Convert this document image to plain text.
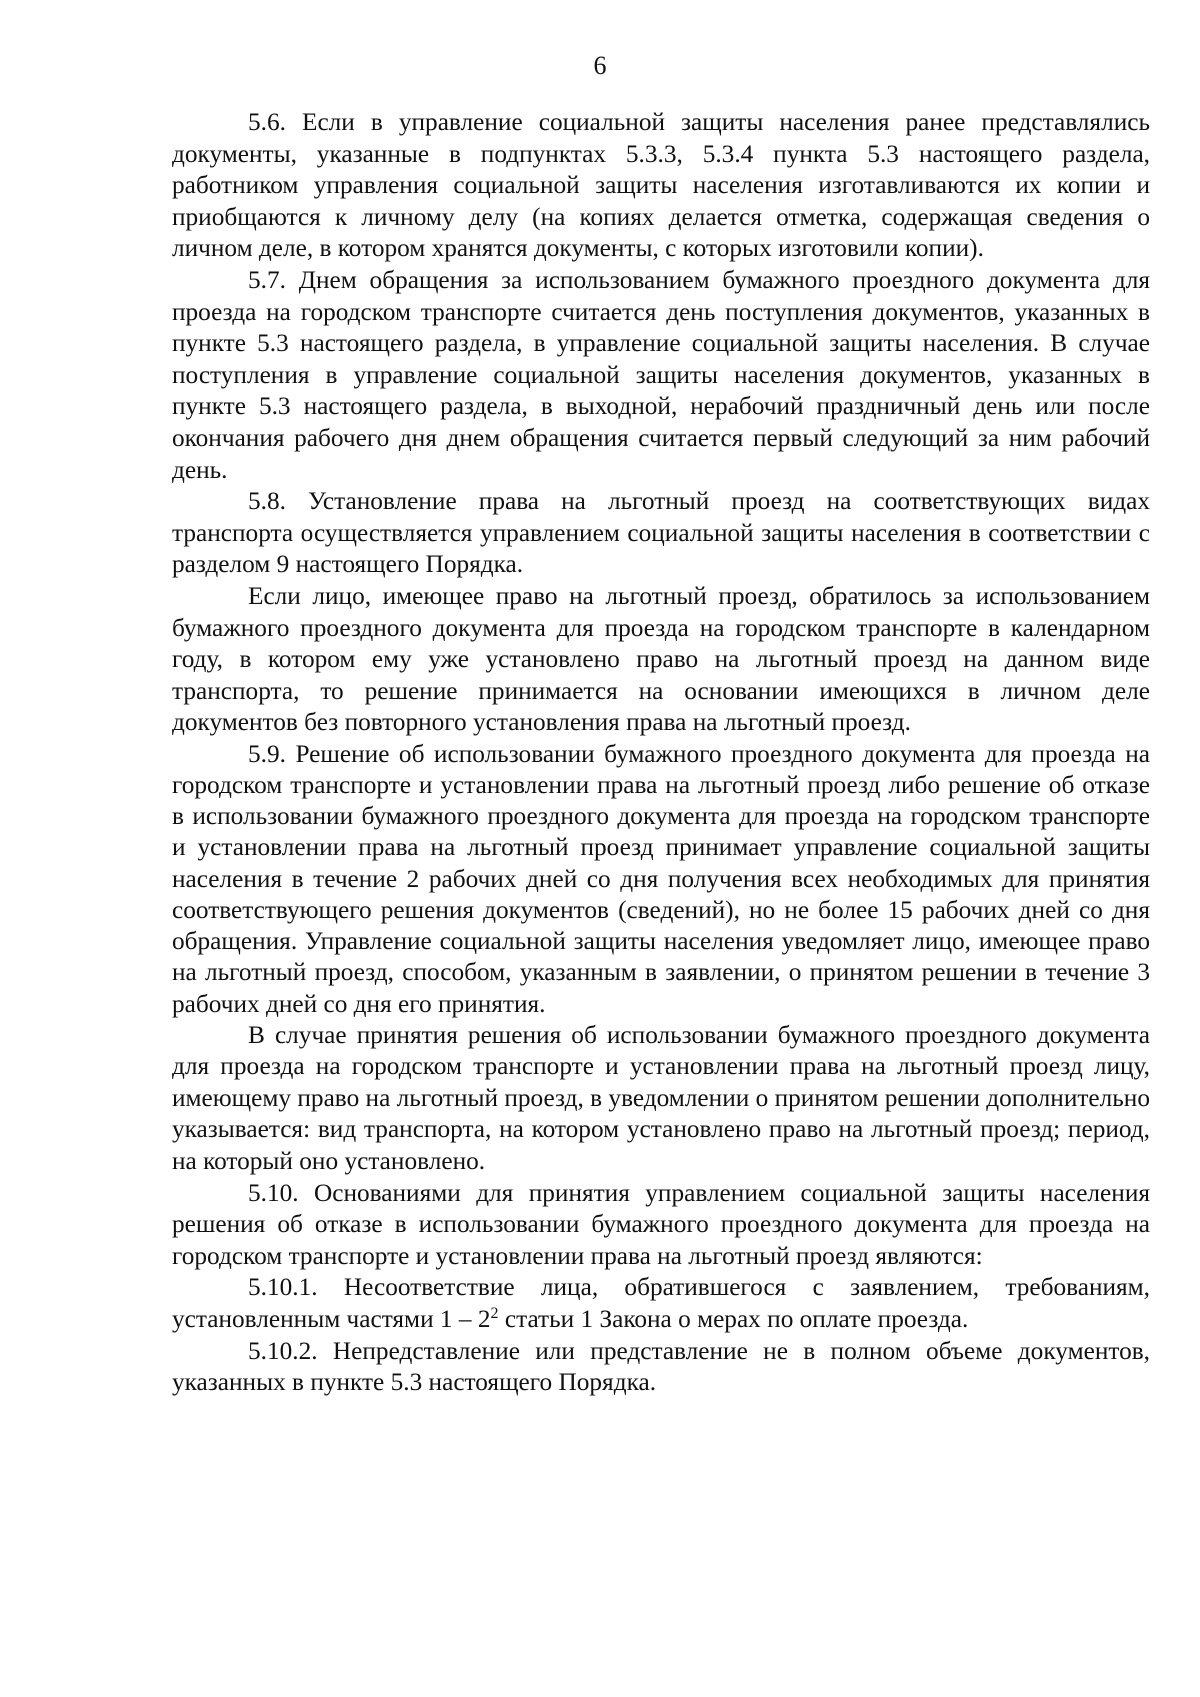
6

5.6. Если в управление социальной защиты населения ранее представлялись документы, указанные в подпунктах 5.3.3, 5.3.4 пункта 5.3 настоящего раздела, работником управления социальной защиты населения изготавливаются их копии и приобщаются к личному делу (на копиях делается отметка, содержащая сведения о личном деле, в котором хранятся документы, с которых изготовили копии).

5.7. Днем обращения за использованием бумажного проездного документа для проезда на городском транспорте считается день поступления документов, указанных в пункте 5.3 настоящего раздела, в управление социальной защиты населения. В случае поступления в управление социальной защиты населения документов, указанных в пункте 5.3 настоящего раздела, в выходной, нерабочий праздничный день или после окончания рабочего дня днем обращения считается первый следующий за ним рабочий день.

5.8. Установление права на льготный проезд на соответствующих видах транспорта осуществляется управлением социальной защиты населения в соответствии с разделом 9 настоящего Порядка.

Если лицо, имеющее право на льготный проезд, обратилось за использованием бумажного проездного документа для проезда на городском транспорте в календарном году, в котором ему уже установлено право на льготный проезд на данном виде транспорта, то решение принимается на основании имеющихся в личном деле документов без повторного установления права на льготный проезд.

5.9. Решение об использовании бумажного проездного документа для проезда на городском транспорте и установлении права на льготный проезд либо решение об отказе в использовании бумажного проездного документа для проезда на городском транспорте и установлении права на льготный проезд принимает управление социальной защиты населения в течение 2 рабочих дней со дня получения всех необходимых для принятия соответствующего решения документов (сведений), но не более 15 рабочих дней со дня обращения. Управление социальной защиты населения уведомляет лицо, имеющее право на льготный проезд, способом, указанным в заявлении, о принятом решении в течение 3 рабочих дней со дня его принятия.

В случае принятия решения об использовании бумажного проездного документа для проезда на городском транспорте и установлении права на льготный проезд лицу, имеющему право на льготный проезд, в уведомлении о принятом решении дополнительно указывается: вид транспорта, на котором установлено право на льготный проезд; период, на который оно установлено.

5.10. Основаниями для принятия управлением социальной защиты населения решения об отказе в использовании бумажного проездного документа для проезда на городском транспорте и установлении права на льготный проезд являются:

5.10.1. Несоответствие лица, обратившегося с заявлением, требованиям, установленным частями $1 - 2^2$ статьи 1 Закона о мерах по оплате проезда.

5.10.2. Непредставление или представление не в полном объеме документов, указанных в пункте 5.3 настоящего Порядка.
